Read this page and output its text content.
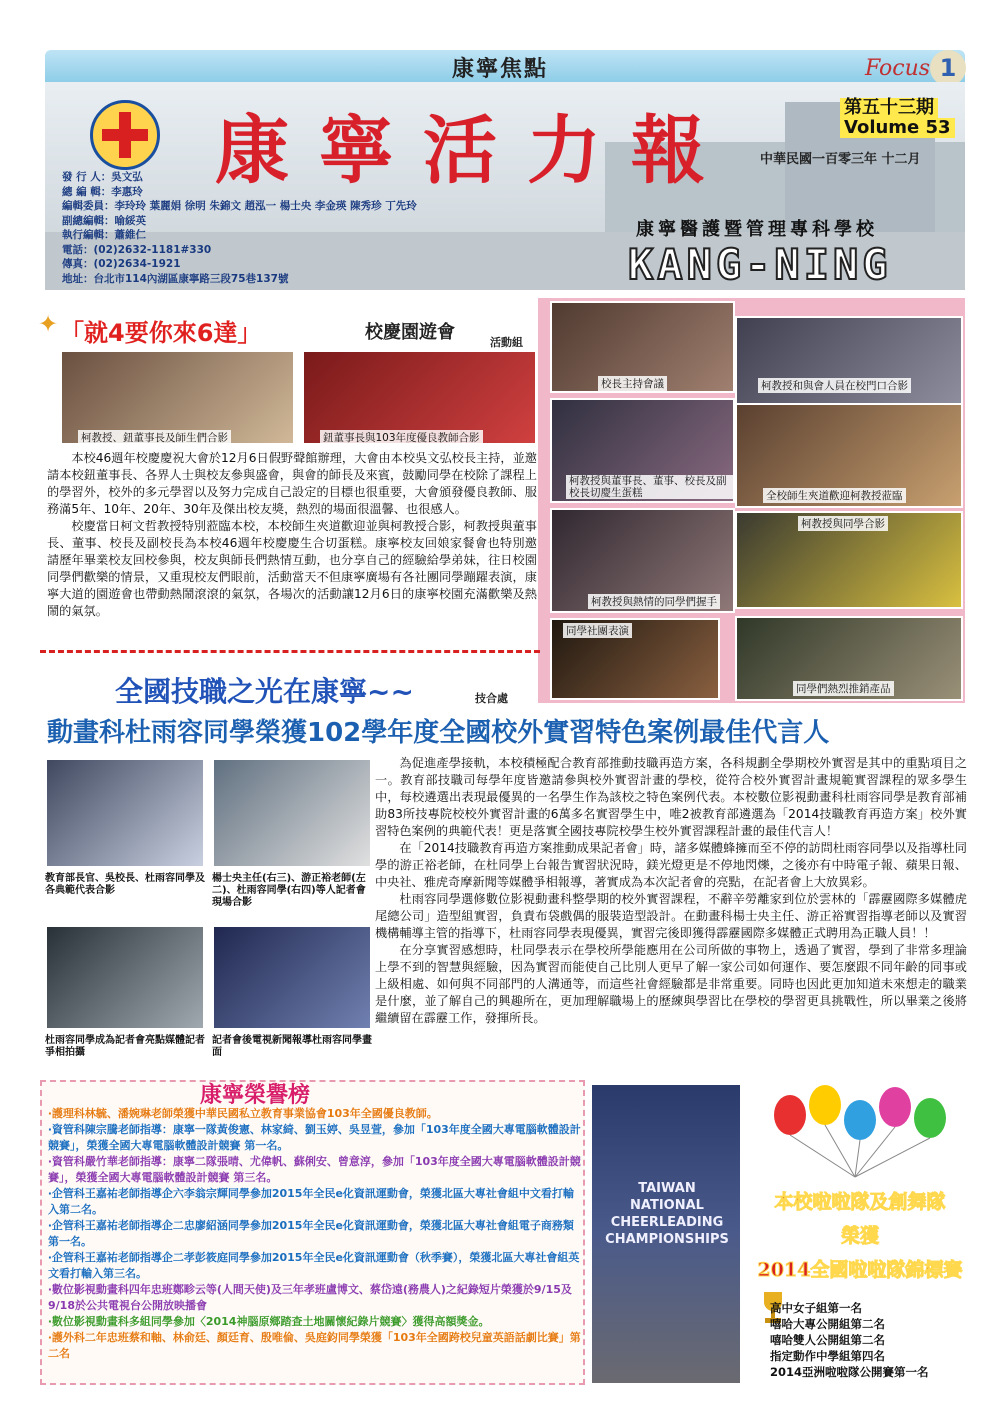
康寧焦點	Focus 1
康寧活力報
第五十三期
Volume 53
中華民國一百零三年 十二月
發 行 人：吳文弘
總 編 輯：李惠玲
編輯委員：李玲玲 葉麗娟 徐明 朱錦文 趙泓一 楊士央 李金瑛 陳秀珍 丁先玲
副總編輯：喻綏英
執行編輯：蕭維仁
電話：(02)2632-1181#330
傳真：(02)2634-1921
地址：台北市114內湖區康寧路三段75巷137號
康寧醫護暨管理專科學校
KANG-NING
✦ 「就4要你來6達」	校慶園遊會	活動組
柯教授、鈕董事長及師生們合影	鈕董事長與103年度優良教師合影

本校46週年校慶慶祝大會於12月6日假野聲館辦理，大會由本校吳文弘校長主持，並邀請本校鈕董事長、各界人士與校友參與盛會，與會的師長及來賓，鼓勵同學在校除了課程上的學習外，校外的多元學習以及努力完成自己設定的目標也很重要，大會頒發優良教師、服務滿5年、10年、20年、30年及傑出校友獎，熱烈的場面很溫馨、也很感人。

校慶當日柯文哲教授特別蒞臨本校，本校師生夾道歡迎並與柯教授合影，柯教授與董事長、董事、校長及副校長為本校46週年校慶慶生合切蛋糕。康寧校友回娘家餐會也特別邀請歷年畢業校友回校參與，校友與師長們熱情互動，也分享自己的經驗給學弟妹，往日校園同學們歡樂的情景，又重現校友們眼前，活動當天不但康寧廣場有各社團同學蹦躍表演，康寧大道的園遊會也帶動熱鬧滾滾的氣氛，各場次的活動讓12月6日的康寧校園充滿歡樂及熱鬧的氣氛。

校長主持會議	柯教授和與會人員在校門口合影
柯教授與董事長、董事、校長及副校長切慶生蛋糕	全校師生夾道歡迎柯教授蒞臨
柯教授與同學合影
柯教授與熱情的同學們握手
同學社團表演
同學們熱烈推銷產品
全國技職之光在康寧~~	技合處
動畫科杜雨容同學榮獲102學年度全國校外實習特色案例最佳代言人
教育部長官、吳校長、杜雨容同學及各典範代表合影
楊士央主任(右三)、游正裕老師(左二)、杜雨容同學(右四)等人記者會現場合影
杜雨容同學成為記者會亮點媒體記者爭相拍攝
記者會後電視新聞報導杜雨容同學畫面

為促進產學接軌，本校積極配合教育部推動技職再造方案，各科規劃全學期校外實習是其中的重點項目之一。教育部技職司每學年度皆邀請參與校外實習計畫的學校，從符合校外實習計畫規範實習課程的眾多學生中，每校遴選出表現最優異的一名學生作為該校之特色案例代表。本校數位影視動畫科杜雨容同學是教育部補助83所技專院校校外實習計畫的6萬多名實習學生中，唯2被教育部遴選為「2014技職教育再造方案」校外實習特色案例的典範代表！更是落實全國技專院校學生校外實習課程計畫的最佳代言人！

在「2014技職教育再造方案推動成果記者會」時，諸多媒體蜂擁而至不停的訪問杜雨容同學以及指導杜同學的游正裕老師，在杜同學上台報告實習狀況時，鎂光燈更是不停地閃爍，之後亦有中時電子報、蘋果日報、中央社、雅虎奇摩新聞等媒體爭相報導，著實成為本次記者會的亮點，在記者會上大放異彩。

杜雨容同學選修數位影視動畫科整學期的校外實習課程，不辭辛勞離家到位於雲林的「霹靂國際多媒體虎尾總公司」造型組實習，負責布袋戲偶的服裝造型設計。在動畫科楊士央主任、游正裕實習指導老師以及實習機構輔導主管的指導下，杜雨容同學表現優異，實習完後即獲得霹靂國際多媒體正式聘用為正職人員！！

在分享實習感想時，杜同學表示在學校所學能應用在公司所做的事物上，透過了實習，學到了非常多理論上學不到的智慧與經驗，因為實習而能使自己比別人更早了解一家公司如何運作、要怎麼跟不同年齡的同事或上級相處、如何與不同部門的人溝通等，而這些社會經驗都是非常重要。同時也因此更加知道未來想走的職業是什麼，並了解自己的興趣所在，更加理解職場上的歷練與學習比在學校的學習更具挑戰性，所以畢業之後將繼續留在霹靂工作，發揮所長。

康寧榮譽榜
‧護理科林毓、潘婉琳老師榮獲中華民國私立教育事業協會103年全國優良教師。
‧資管科陳宗騰老師指導：康寧一隊黃俊憲、林家綺、劉玉婷、吳昱萱，參加「103年度全國大專電腦軟體設計競賽」，榮獲全國大專電腦軟體設計競賽 第一名。
‧資管科嚴竹華老師指導：康寧二隊張晴、尤偉帆、蘇俐安、曾意淳，參加「103年度全國大專電腦軟體設計競賽」，榮獲全國大專電腦軟體設計競賽 第三名。
‧企管科王嘉祐老師指導企六李翁宗輝同學參加2015年全民e化資訊運動會，榮獲北區大專社會組中文看打輸入第二名。
‧企管科王嘉祐老師指導企二忠廖紹涵同學參加2015年全民e化資訊運動會，榮獲北區大專社會組電子商務類第一名。
‧企管科王嘉祐老師指導企二孝彭筱庭同學參加2015年全民e化資訊運動會（秋季賽），榮獲北區大專社會組英文看打輸入第三名。
‧數位影視動畫科四年忠班鄭畛云等(人間天使)及三年孝班盧博文、蔡岱遠(務農人)之紀錄短片榮獲於9/15及9/18於公共電視台公開放映播會
‧數位影視動畫科多組同學參加〈2014神腦原鄉踏查土地關懷紀錄片競賽〉獲得高額獎金。
‧護外科二年忠班蔡和軸、林俞廷、顏廷育、殷唯倫、吳庭鈞同學榮獲「103年全國跨校兒童英語話劇比賽」第二名
TAIWAN NATIONAL CHEERLEADING CHAMPIONSHIPS
本校啦啦隊及創舞隊
榮獲
2014全國啦啦隊錦標賽
高中女子組第一名
嘻哈大專公開組第二名
嘻哈雙人公開組第二名
指定動作中學組第四名
2014亞洲啦啦隊公開賽第一名
